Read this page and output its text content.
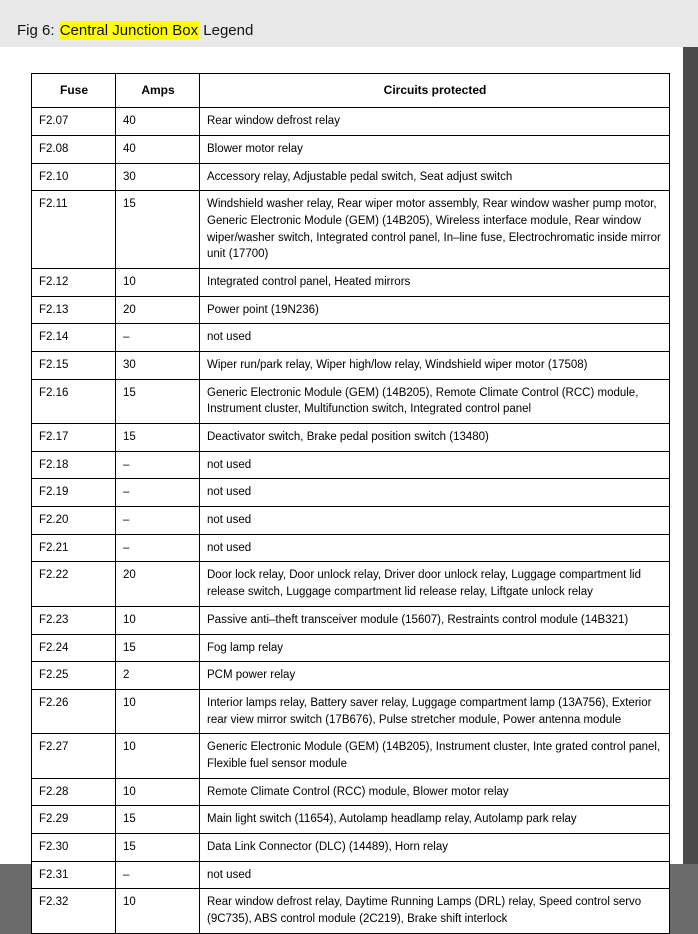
Fig 6: Central Junction Box Legend
Fuse	Amps	Circuits protected
F2.07	40	Rear window defrost relay
F2.08	40	Blower motor relay
F2.10	30	Accessory relay, Adjustable pedal switch, Seat adjust switch
F2.11	15	Windshield washer relay, Rear wiper motor assembly, Rear window washer pump motor, Generic Electronic Module (GEM) (14B205), Wireless interface module, Rear window wiper/washer switch, Integrated control panel, In–line fuse, Electrochromatic inside mirror unit (17700)
F2.12	10	Integrated control panel, Heated mirrors
F2.13	20	Power point (19N236)
F2.14	–	not used
F2.15	30	Wiper run/park relay, Wiper high/low relay, Windshield wiper motor (17508)
F2.16	15	Generic Electronic Module (GEM) (14B205), Remote Climate Control (RCC) module, Instrument cluster, Multifunction switch, Integrated control panel
F2.17	15	Deactivator switch, Brake pedal position switch (13480)
F2.18	–	not used
F2.19	–	not used
F2.20	–	not used
F2.21	–	not used
F2.22	20	Door lock relay, Door unlock relay, Driver door unlock relay, Luggage compartment lid release switch, Luggage compartment lid release relay, Liftgate unlock relay
F2.23	10	Passive anti–theft transceiver module (15607), Restraints control module (14B321)
F2.24	15	Fog lamp relay
F2.25	2	PCM power relay
F2.26	10	Interior lamps relay, Battery saver relay, Luggage compartment lamp (13A756), Exterior rear view mirror switch (17B676), Pulse stretcher module, Power antenna module
F2.27	10	Generic Electronic Module (GEM) (14B205), Instrument cluster, Inte grated control panel, Flexible fuel sensor module
F2.28	10	Remote Climate Control (RCC) module, Blower motor relay
F2.29	15	Main light switch (11654), Autolamp headlamp relay, Autolamp park relay
F2.30	15	Data Link Connector (DLC) (14489), Horn relay
F2.31	–	not used
F2.32	10	Rear window defrost relay, Daytime Running Lamps (DRL) relay, Speed control servo (9C735), ABS control module (2C219), Brake shift interlock
